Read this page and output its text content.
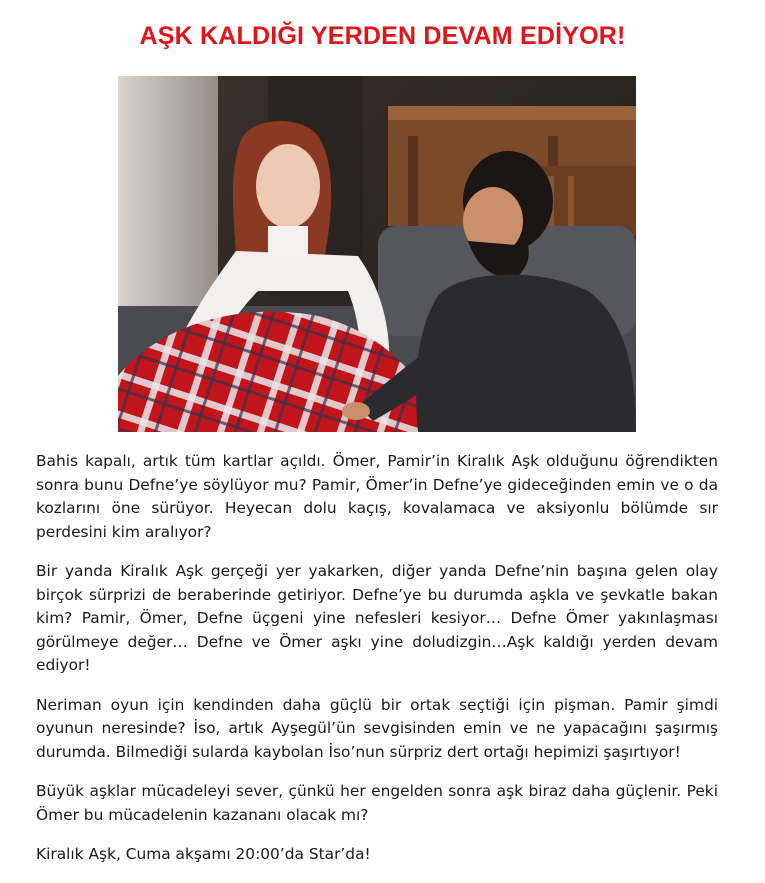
AŞK KALDIĞI YERDEN DEVAM EDİYOR!

Bahis kapalı, artık tüm kartlar açıldı. Ömer, Pamir’in Kiralık Aşk olduğunu öğrendikten sonra bunu Defne’ye söylüyor mu? Pamir, Ömer’in Defne’ye gideceğinden emin ve o da kozlarını öne sürüyor. Heyecan dolu kaçış, kovalamaca ve aksiyonlu bölümde sır perdesini kim aralıyor?

Bir yanda Kiralık Aşk gerçeği yer yakarken, diğer yanda Defne’nin başına gelen olay birçok sürprizi de beraberinde getiriyor. Defne’ye bu durumda aşkla ve şevkatle bakan kim? Pamir, Ömer, Defne üçgeni yine nefesleri kesiyor… Defne Ömer yakınlaşması görülmeye değer… Defne ve Ömer aşkı yine doludizgin…Aşk kaldığı yerden devam ediyor!

Neriman oyun için kendinden daha güçlü bir ortak seçtiği için pişman. Pamir şimdi oyunun neresinde? İso, artık Ayşegül’ün sevgisinden emin ve ne yapacağını şaşırmış durumda. Bilmediği sularda kaybolan İso’nun sürpriz dert ortağı hepimizi şaşırtıyor!

Büyük aşklar mücadeleyi sever, çünkü her engelden sonra aşk biraz daha güçlenir. Peki Ömer bu mücadelenin kazananı olacak mı?

Kiralık Aşk, Cuma akşamı 20:00’da Star’da!
